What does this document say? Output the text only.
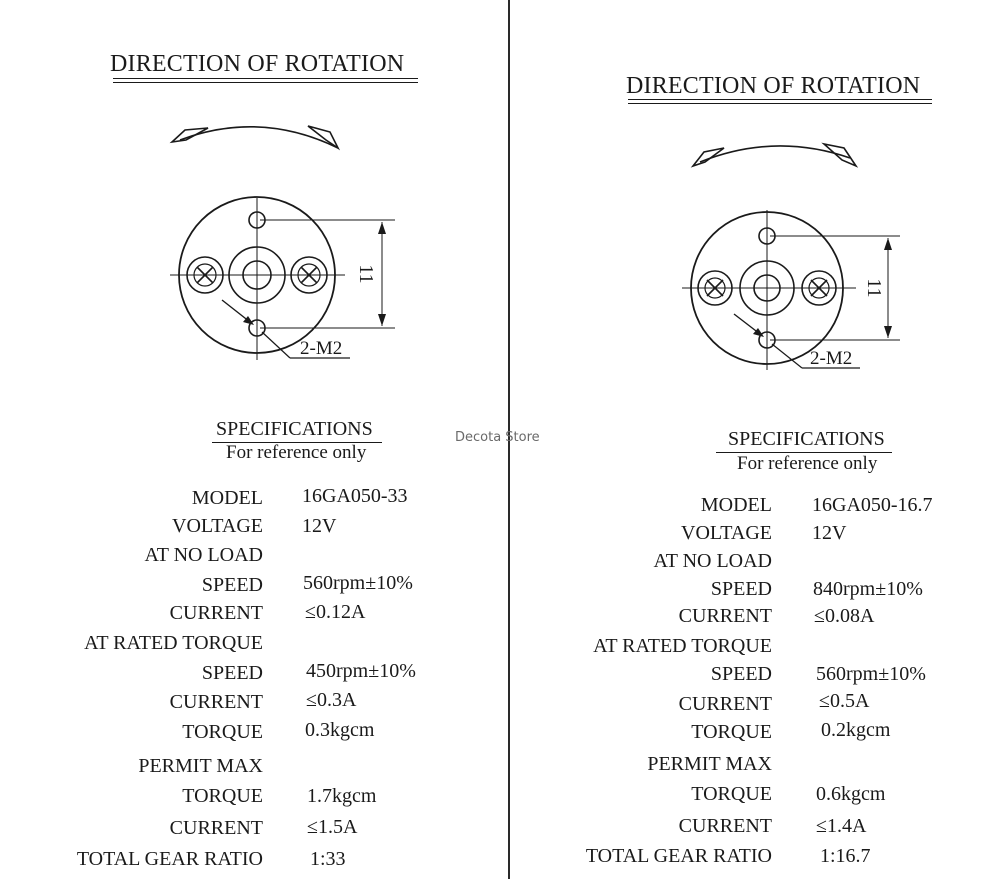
DIRECTION OF ROTATION
11
2-M2
SPECIFICATIONS
For reference only
MODEL 16GA050-33
VOLTAGE 12V
AT NO LOAD
SPEED 560rpm±10%
CURRENT ≤0.12A
AT RATED TORQUE
SPEED 450rpm±10%
CURRENT ≤0.3A
TORQUE 0.3kgcm
PERMIT MAX
TORQUE 1.7kgcm
CURRENT ≤1.5A
TOTAL GEAR RATIO 1:33
DIRECTION OF ROTATION
11
2-M2
SPECIFICATIONS
For reference only
MODEL 16GA050-16.7
VOLTAGE 12V
AT NO LOAD
SPEED 840rpm±10%
CURRENT ≤0.08A
AT RATED TORQUE
SPEED 560rpm±10%
CURRENT ≤0.5A
TORQUE 0.2kgcm
PERMIT MAX
TORQUE 0.6kgcm
CURRENT ≤1.4A
TOTAL GEAR RATIO 1:16.7
Decota Store
